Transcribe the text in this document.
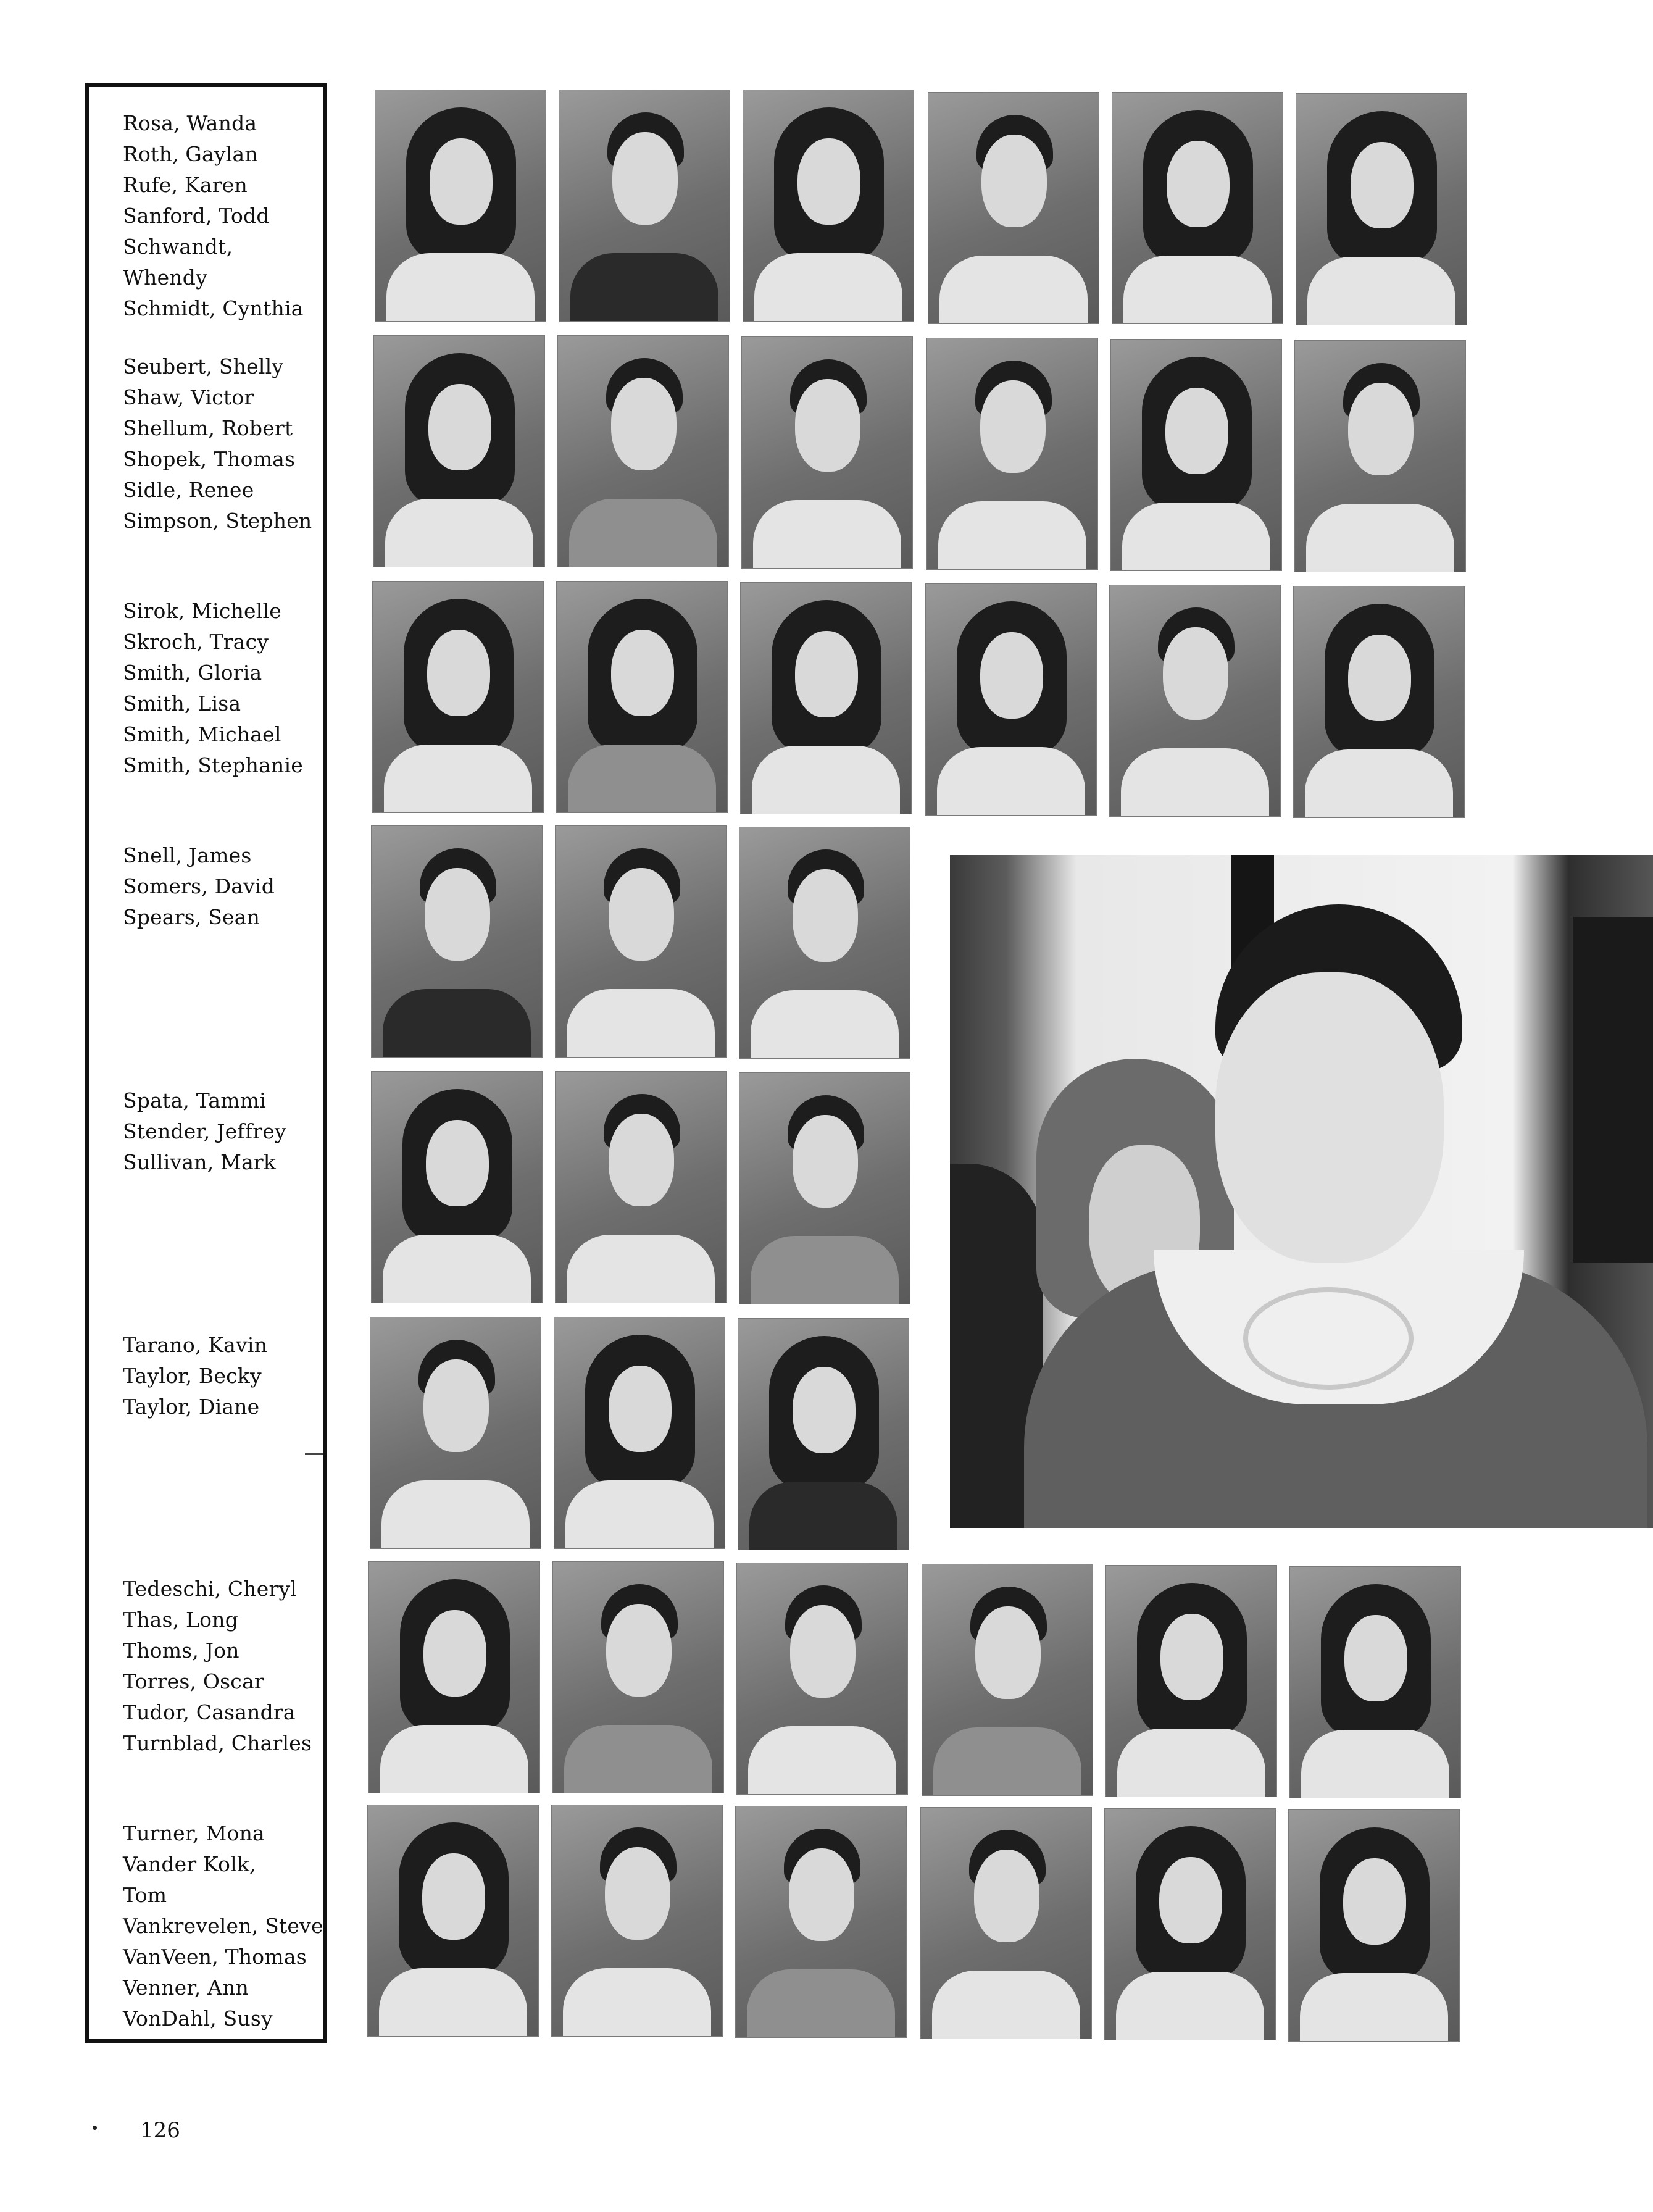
Rosa, Wanda
Roth, Gaylan
Rufe, Karen
Sanford, Todd
Schwandt,
Whendy
Schmidt, Cynthia
Seubert, Shelly
Shaw, Victor
Shellum, Robert
Shopek, Thomas
Sidle, Renee
Simpson, Stephen
Sirok, Michelle
Skroch, Tracy
Smith, Gloria
Smith, Lisa
Smith, Michael
Smith, Stephanie
Snell, James
Somers, David
Spears, Sean
Spata, Tammi
Stender, Jeffrey
Sullivan, Mark
Tarano, Kavin
Taylor, Becky
Taylor, Diane
Tedeschi, Cheryl
Thas, Long
Thoms, Jon
Torres, Oscar
Tudor, Casandra
Turnblad, Charles
Turner, Mona
Vander Kolk,
Tom
Vankrevelen, Steve
VanVeen, Thomas
Venner, Ann
VonDahl, Susy
126
